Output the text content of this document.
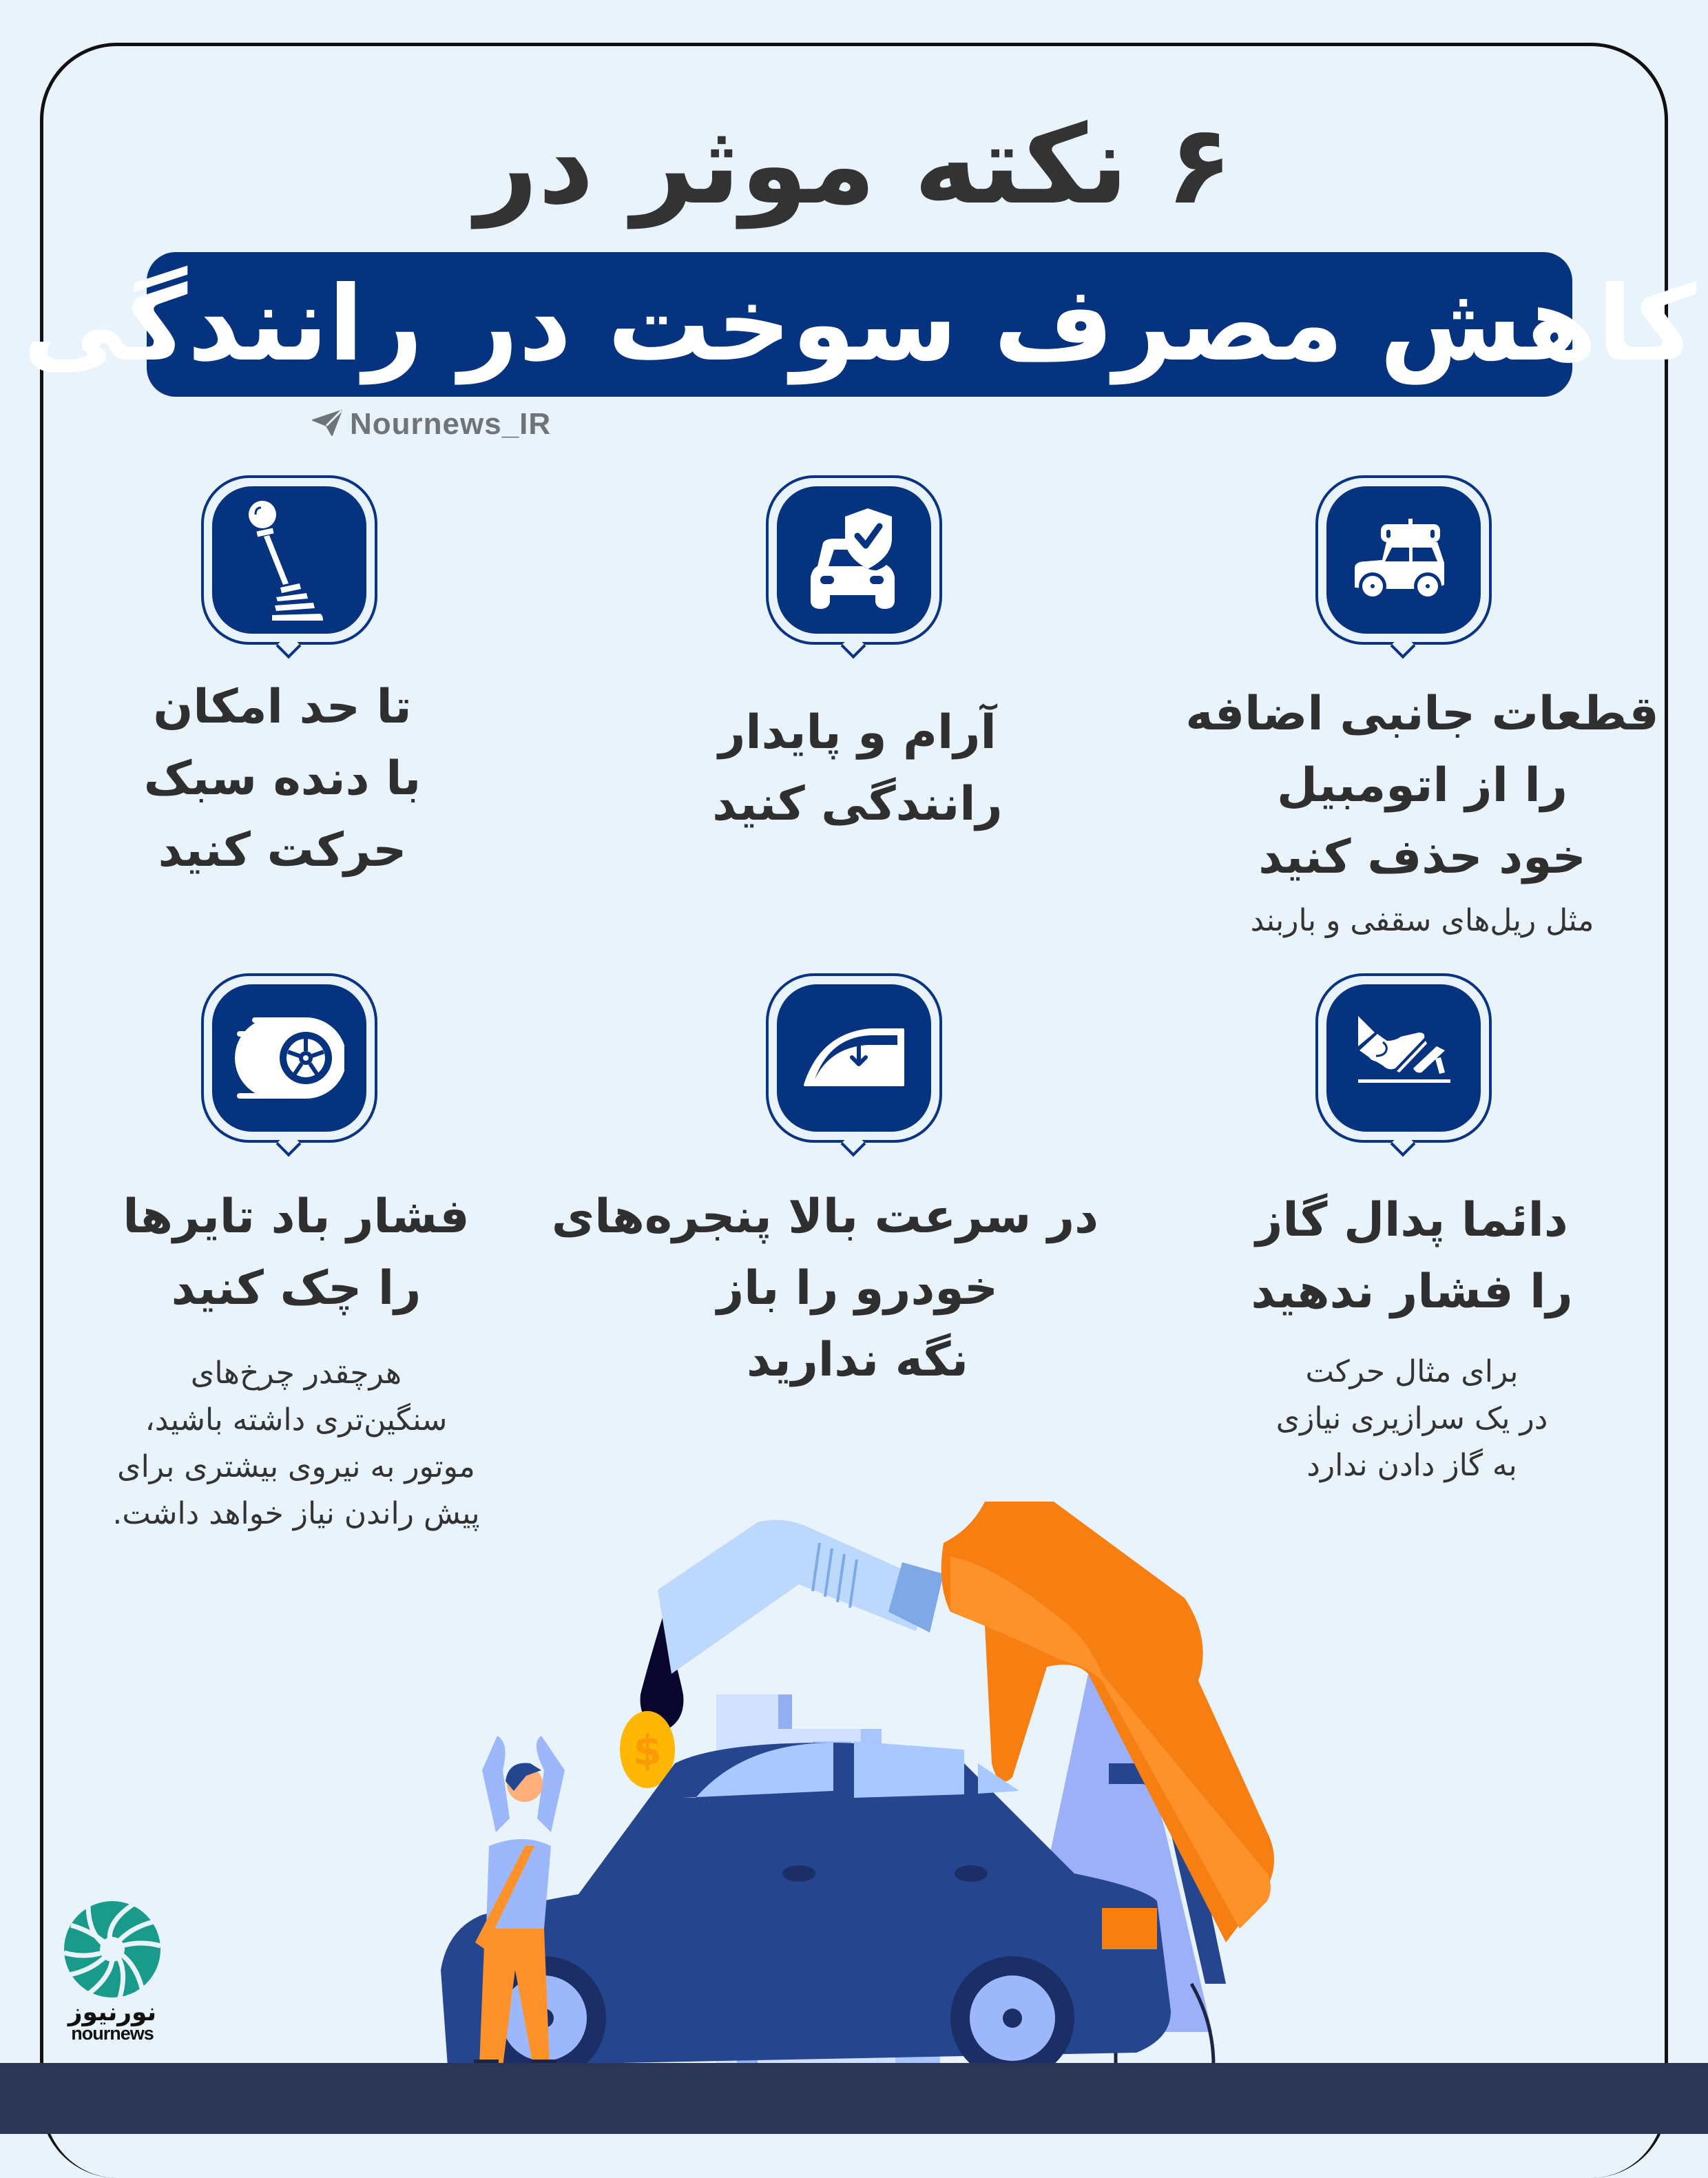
۶ نکته موثر در
کاهش مصرف سوخت در رانندگی
Nournews_IR
قطعات جانبی اضافه
را از اتومبیل
خود حذف کنید
مثل ریل‌های سقفی و باربند
آرام و پایدار
رانندگی کنید
تا حد امکان
با دنده سبک
حرکت کنید
دائما پدال گاز
را فشار ندهید
برای مثال حرکت
در یک سرازیری نیازی
به گاز دادن ندارد
در سرعت بالا پنجره‌های
خودرو را باز
نگه ندارید
فشار باد تایرها
را چک کنید
هرچقدر چرخ‌های
سنگین‌تری داشته باشید،
موتور به نیروی بیشتری برای
پیش راندن نیاز خواهد داشت.
$
نورنیوز
nournews
